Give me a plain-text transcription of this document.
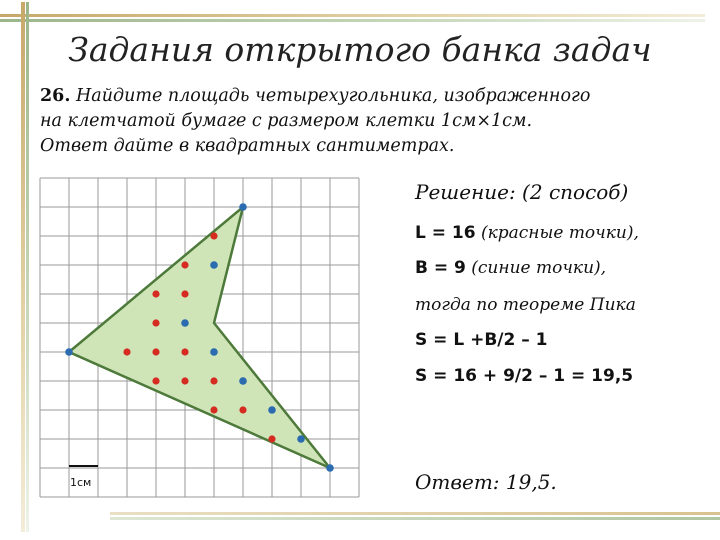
Задания открытого банка задач
26. Найдите площадь четырехугольника, изображенного
на клетчатой бумаге с размером клетки 1см×1см.
Ответ дайте в квадратных сантиметрах.
Решение: (2 способ)
L = 16 (красные точки),
B = 9 (синие точки),
тогда по теореме Пика
S = L +B/2 – 1
S = 16 + 9/2 – 1 = 19,5
Ответ: 19,5.
1см
